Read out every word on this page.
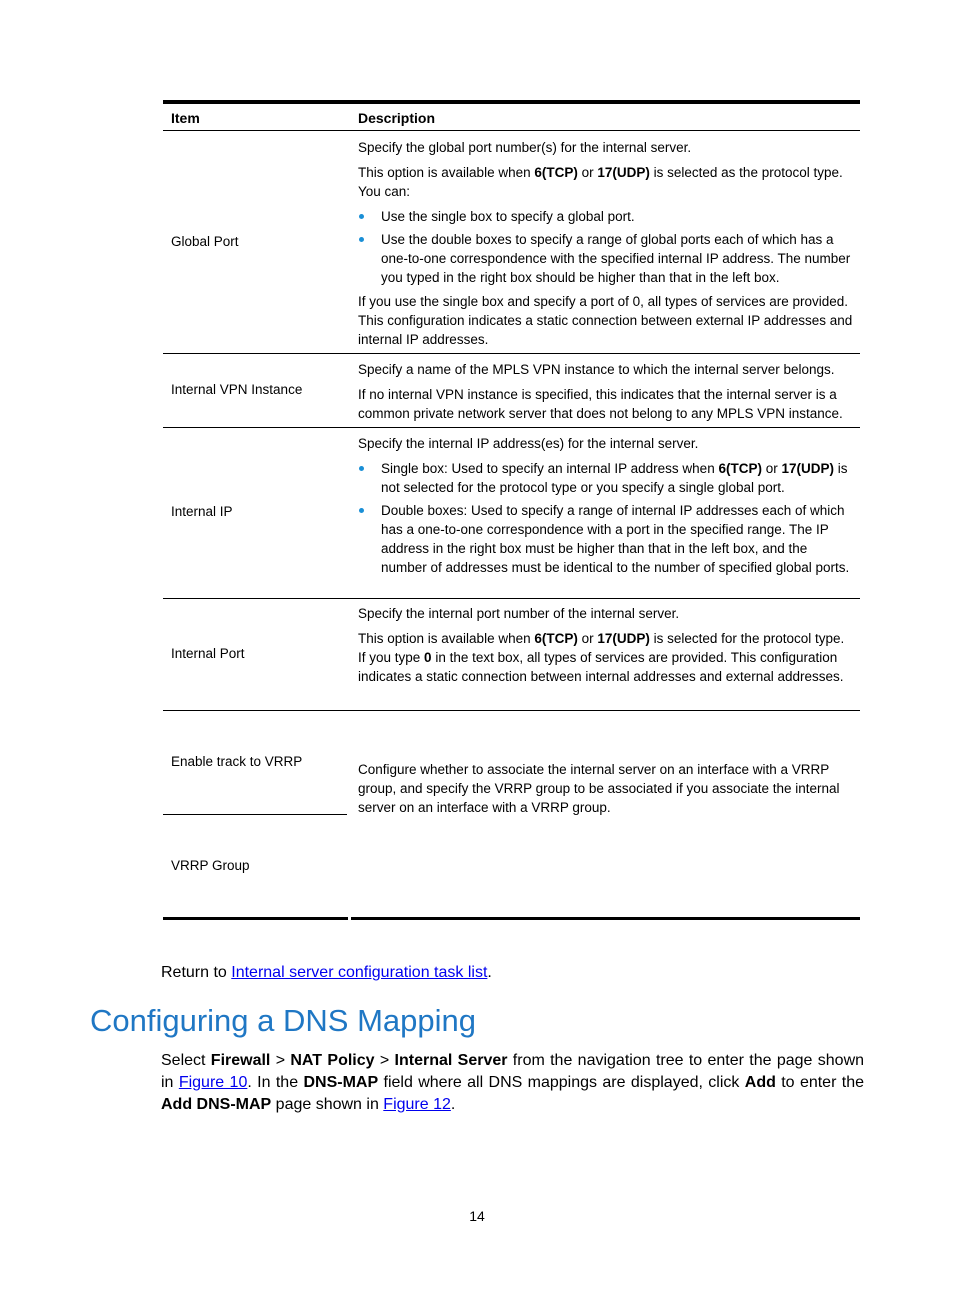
Item	Description
Global Port

Specify the global port number(s) for the internal server.

This option is available when 6(TCP) or 17(UDP) is selected as the protocol type. You can:

Use the single box to specify a global port.
Use the double boxes to specify a range of global ports each of which has a one-to-one correspondence with the specified internal IP address. The number you typed in the right box should be higher than that in the left box.

If you use the single box and specify a port of 0, all types of services are provided. This configuration indicates a static connection between external IP addresses and internal IP addresses.

Internal VPN Instance

Specify a name of the MPLS VPN instance to which the internal server belongs.

If no internal VPN instance is specified, this indicates that the internal server is a common private network server that does not belong to any MPLS VPN instance.

Internal IP

Specify the internal IP address(es) for the internal server.

Single box: Used to specify an internal IP address when 6(TCP) or 17(UDP) is not selected for the protocol type or you specify a single global port.
Double boxes: Used to specify a range of internal IP addresses each of which has a one-to-one correspondence with a port in the specified range. The IP address in the right box must be higher than that in the left box, and the number of addresses must be identical to the number of specified global ports.
Internal Port

Specify the internal port number of the internal server.

This option is available when 6(TCP) or 17(UDP) is selected for the protocol type. If you type 0 in the text box, all types of services are provided. This configuration indicates a static connection between internal addresses and external addresses.

Enable track to VRRP
VRRP Group

Configure whether to associate the internal server on an interface with a VRRP group, and specify the VRRP group to be associated if you associate the internal server on an interface with a VRRP group.

Return to Internal server configuration task list.
Configuring a DNS Mapping
Select Firewall > NAT Policy > Internal Server from the navigation tree to enter the page shown in Figure 10. In the DNS-MAP field where all DNS mappings are displayed, click Add to enter the Add DNS-MAP page shown in Figure 12.
14
